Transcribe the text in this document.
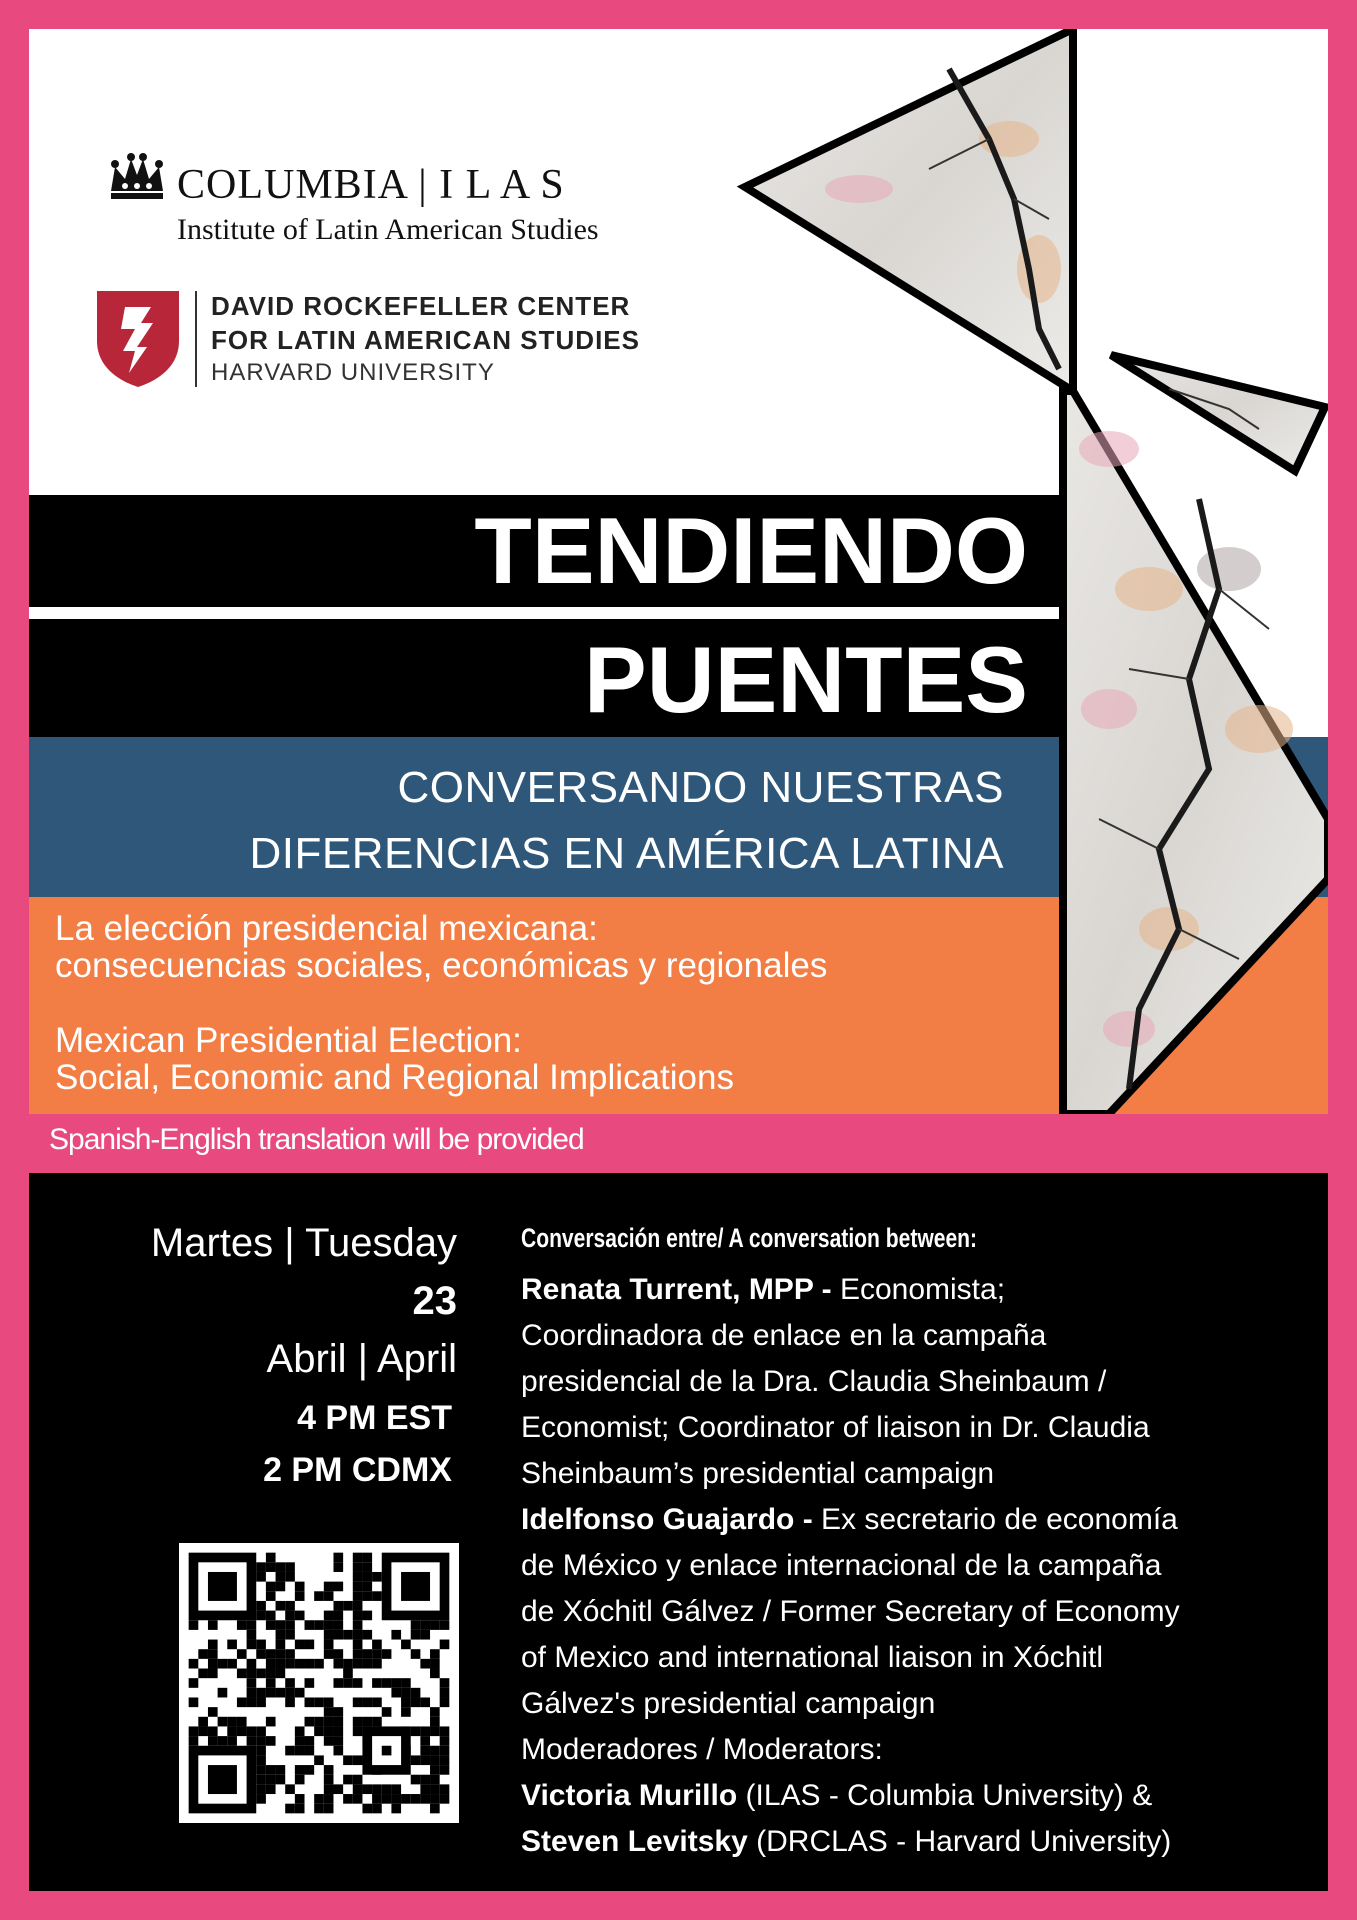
COLUMBIA | I L A S
Institute of Latin American Studies
DAVID ROCKEFELLER CENTER
FOR LATIN AMERICAN STUDIES
HARVARD UNIVERSITY
TENDIENDO
PUENTES
CONVERSANDO NUESTRAS
DIFERENCIAS EN AMÉRICA LATINA
La elección presidencial mexicana:
consecuencias sociales, económicas y regionales
Mexican Presidential Election:
Social, Economic and Regional Implications
Spanish-English translation will be provided
Martes | Tuesday
23
Abril | April
4 PM EST
2 PM CDMX
Conversación entre/ A conversation between:
Renata Turrent, MPP - Economista;
Coordinadora de enlace en la campaña
presidencial de la Dra. Claudia Sheinbaum /
Economist; Coordinator of liaison in Dr. Claudia
Sheinbaum’s presidential campaign
Idelfonso Guajardo - Ex secretario de economía
de México y enlace internacional de la campaña
de Xóchitl Gálvez / Former Secretary of Economy
of Mexico and international liaison in Xóchitl
Gálvez's presidential campaign
Moderadores / Moderators:
Victoria Murillo (ILAS - Columbia University) &
Steven Levitsky (DRCLAS - Harvard University)
